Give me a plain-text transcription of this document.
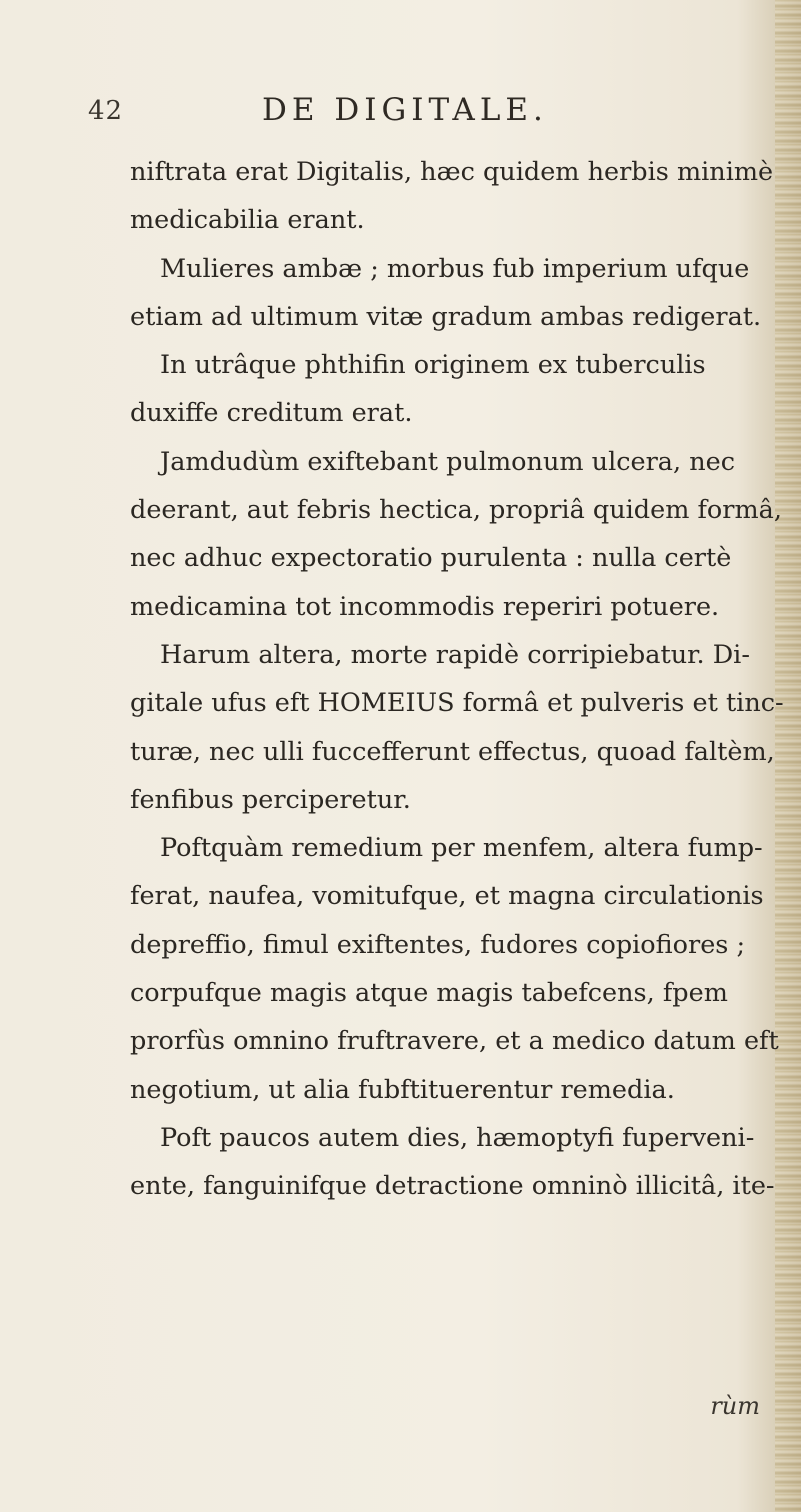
42	DE DIGITALE.
niftrata erat Digitalis, hæc quidem herbis minimè
medicabilia erant.
Mulieres ambæ ; morbus fub imperium ufque
etiam ad ultimum vitæ gradum ambas redigerat.
In utrâque phthifin originem ex tuberculis
duxiffe creditum erat.
Jamdudùm exiftebant pulmonum ulcera, nec
deerant, aut febris hectica, propriâ quidem formâ,
nec adhuc expectoratio purulenta : nulla certè
medicamina tot incommodis reperiri potuere.
Harum altera, morte rapidè corripiebatur. Di-
gitale ufus eft HOMEIUS formâ et pulveris et tinc-
turæ, nec ulli fuccefferunt effectus, quoad faltèm,
fenfibus perciperetur.
Poftquàm remedium per menfem, altera fump-
ferat, naufea, vomitufque, et magna circulationis
depreffio, fimul exiftentes, fudores copiofiores ;
corpufque magis atque magis tabefcens, fpem
prorfùs omnino fruftravere, et a medico datum eft
negotium, ut alia fubftituerentur remedia.
Poft paucos autem dies, hæmoptyfi fuperveni-
ente, fanguinifque detractione omninò illicitâ, ite-
rùm
